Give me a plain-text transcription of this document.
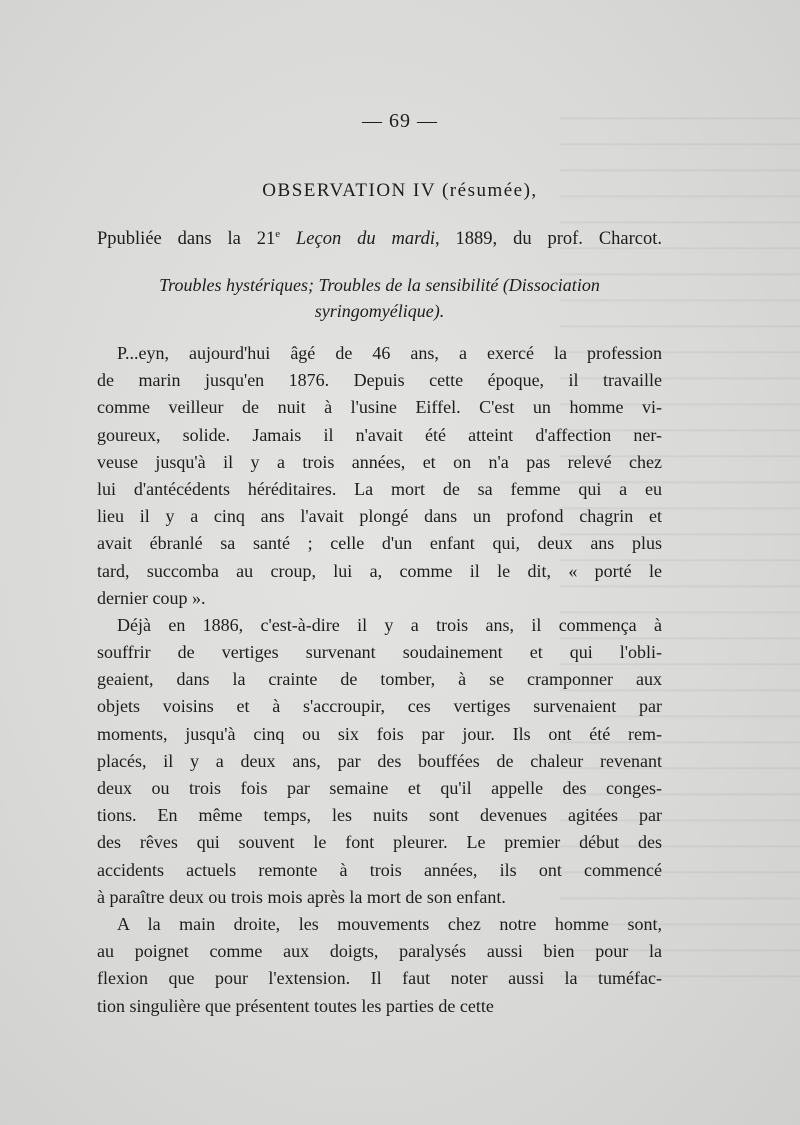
— 69 —
OBSERVATION IV (résumée),
Ppubliée dans la 21e Leçon du mardi, 1889, du prof. Charcot.
Troubles hystériques; Troubles de la sensibilité (Dissociation
syringomyélique).
P...eyn, aujourd'hui âgé de 46 ans, a exercé la profession
de marin jusqu'en 1876. Depuis cette époque, il travaille
comme veilleur de nuit à l'usine Eiffel. C'est un homme vi-
goureux, solide. Jamais il n'avait été atteint d'affection ner-
veuse jusqu'à il y a trois années, et on n'a pas relevé chez
lui d'antécédents héréditaires. La mort de sa femme qui a eu
lieu il y a cinq ans l'avait plongé dans un profond chagrin et
avait ébranlé sa santé ; celle d'un enfant qui, deux ans plus
tard, succomba au croup, lui a, comme il le dit, « porté le
dernier coup ».
Déjà en 1886, c'est-à-dire il y a trois ans, il commença à
souffrir de vertiges survenant soudainement et qui l'obli-
geaient, dans la crainte de tomber, à se cramponner aux
objets voisins et à s'accroupir, ces vertiges survenaient par
moments, jusqu'à cinq ou six fois par jour. Ils ont été rem-
placés, il y a deux ans, par des bouffées de chaleur revenant
deux ou trois fois par semaine et qu'il appelle des conges-
tions. En même temps, les nuits sont devenues agitées par
des rêves qui souvent le font pleurer. Le premier début des
accidents actuels remonte à trois années, ils ont commencé
à paraître deux ou trois mois après la mort de son enfant.
A la main droite, les mouvements chez notre homme sont,
au poignet comme aux doigts, paralysés aussi bien pour la
flexion que pour l'extension. Il faut noter aussi la tuméfac-
tion singulière que présentent toutes les parties de cette
